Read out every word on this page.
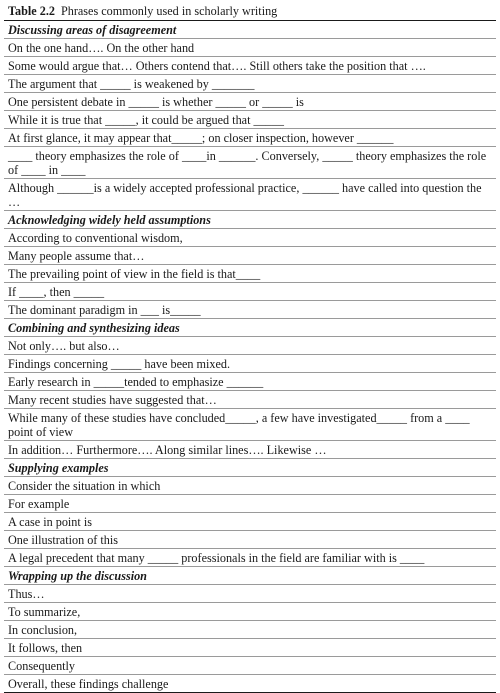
Table 2.2 Phrases commonly used in scholarly writing
Discussing areas of disagreement
On the one hand…. On the other hand
Some would argue that… Others contend that…. Still others take the position that ….
The argument that _____ is weakened by _______
One persistent debate in _____ is whether _____ or _____ is
While it is true that _____, it could be argued that _____
At first glance, it may appear that_____; on closer inspection, however ______
____ theory emphasizes the role of ____in ______. Conversely, _____ theory emphasizes the role of ____ in ____
Although ______is a widely accepted professional practice, ______ have called into question the …
Acknowledging widely held assumptions
According to conventional wisdom,
Many people assume that…
The prevailing point of view in the field is that____
If ____, then _____
The dominant paradigm in ___ is_____
Combining and synthesizing ideas
Not only…. but also…
Findings concerning _____ have been mixed.
Early research in _____tended to emphasize ______
Many recent studies have suggested that…
While many of these studies have concluded_____, a few have investigated_____ from a ____ point of view
In addition… Furthermore…. Along similar lines…. Likewise …
Supplying examples
Consider the situation in which
For example
A case in point is
One illustration of this
A legal precedent that many _____ professionals in the field are familiar with is ____
Wrapping up the discussion
Thus…
To summarize,
In conclusion,
It follows, then
Consequently
Overall, these findings challenge
